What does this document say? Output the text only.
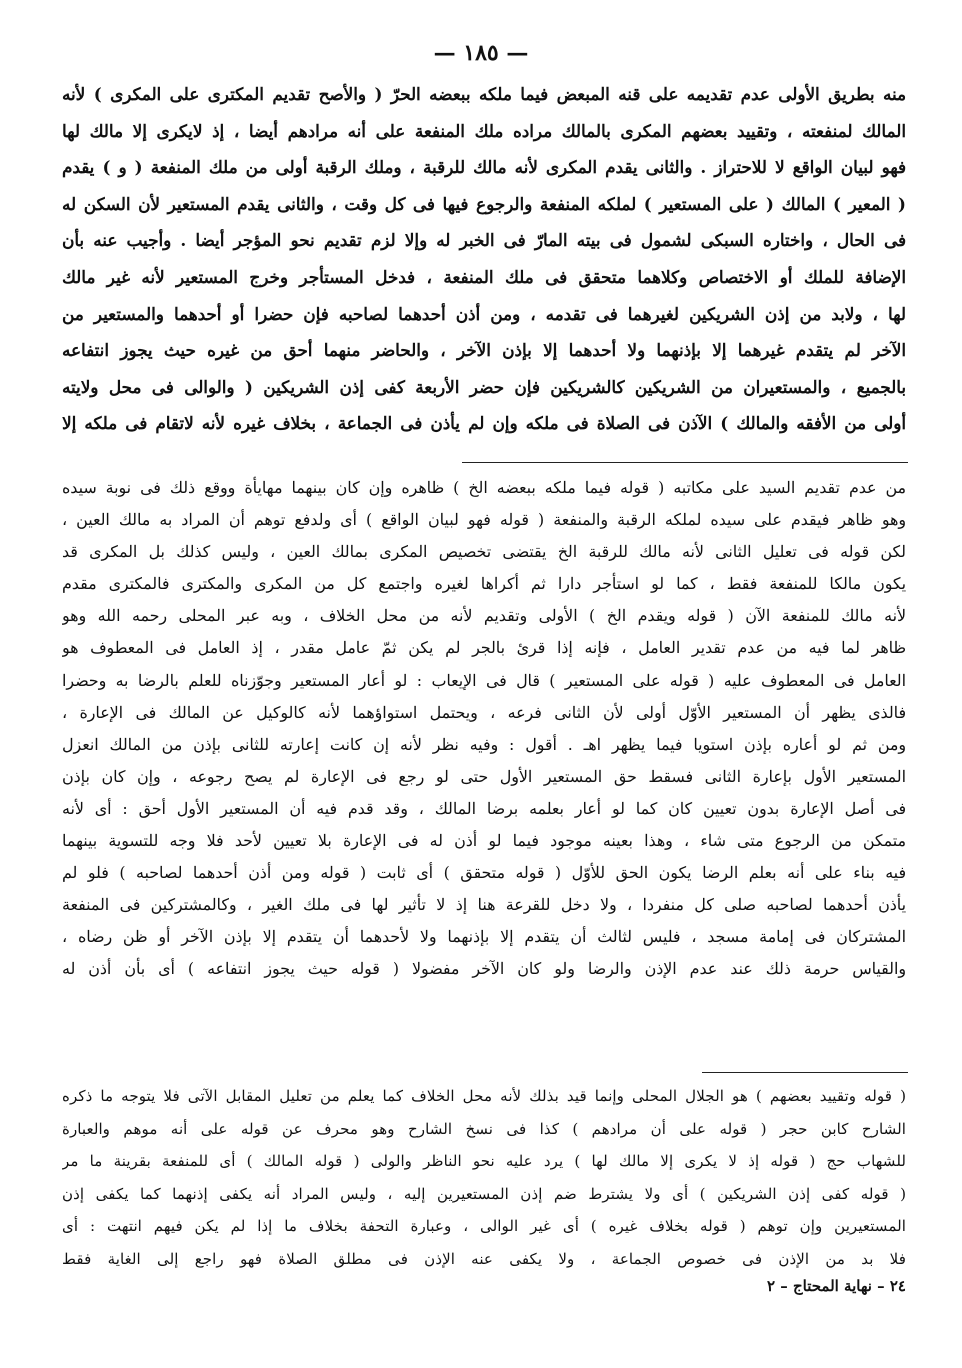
— ١٨٥ —
منه بطريق الأولى عدم تقديمه على قنه المبعض فيما ملكه ببعضه الحرّ ( والأصح تقديم المكترى على المكرى ) لأنه
المالك لمنفعته ، وتقييد بعضهم المكرى بالمالك مراده ملك المنفعة على أنه مرادهم أيضا ، إذ لايكرى إلا مالك لها
فهو لبيان الواقع لا للاحتراز . والثانى يقدم المكرى لأنه مالك للرقبة ، وملك الرقبة أولى من ملك المنفعة ( و ) يقدم
( المعير ) المالك ( على المستعير ) لملكه المنفعة والرجوع فيها فى كل وقت ، والثانى يقدم المستعير لأن السكن له
فى الحال ، واختاره السبكى لشمول فى بيته المارّ فى الخبر له وإلا لزم تقديم نحو المؤجر أيضا . وأجيب عنه بأن
الإضافة للملك أو الاختصاص وكلاهما متحقق فى ملك المنفعة ، فدخل المستأجر وخرج المستعير لأنه غير مالك
لها ، ولابد من إذن الشريكين لغيرهما فى تقدمه ، ومن أذن أحدهما لصاحبه فإن حضرا أو أحدهما والمستعير من
الآخر لم يتقدم غيرهما إلا بإذنهما ولا أحدهما إلا بإذن الآخر ، والحاضر منهما أحق من غيره حيث يجوز انتفاعه
بالجميع ، والمستعيران من الشريكين كالشريكين فإن حضر الأربعة كفى إذن الشريكين ( والوالى فى محل ولايته
أولى من الأفقه والمالك ) الآذن فى الصلاة فى ملكه وإن لم يأذن فى الجماعة ، بخلاف غيره لأنه لاتقام فى ملكه إلا
من عدم تقديم السيد على مكاتبه ( قوله فيما ملكه ببعضه الخ ) ظاهره وإن كان بينهما مهايأة ووقع ذلك فى نوبة سيده
وهو ظاهر فيقدم على سيده لملكه الرقبة والمنفعة ( قوله فهو لبيان الواقع ) أى ولدفع توهم أن المراد به مالك العين ،
لكن قوله فى تعليل الثانى لأنه مالك للرقبة الخ يقتضى تخصيص المكرى بمالك العين ، وليس كذلك بل المكرى قد
يكون مالكا للمنفعة فقط ، كما لو استأجر دارا ثم أكراها لغيره واجتمع كل من المكرى والمكترى فالمكترى مقدم
لأنه مالك للمنفعة الآن ( قوله ويقدم الخ ) الأولى وتقديم لأنه من محل الخلاف ، وبه عبر المحلى رحمه الله وهو
ظاهر لما فيه من عدم تقدير العامل ، فإنه إذا قرئ بالجر لم يكن ثمّ عامل مقدر ، إذ العامل فى المعطوف هو
العامل فى المعطوف عليه ( قوله على المستعير ) قال فى الإيعاب : لو أعار المستعير وجوّزناه للعلم بالرضا به وحضرا
فالذى يظهر أن المستعير الأوّل أولى لأن الثانى فرعه ، ويحتمل استواؤهما لأنه كالوكيل عن المالك فى الإعارة ،
ومن ثم لو أعاره بإذن استويا فيما يظهر اهـ . أقول : وفيه نظر لأنه إن كانت إعارته للثانى بإذن من المالك انعزل
المستعير الأول بإعارة الثانى فسقط حق المستعير الأول حتى لو رجع فى الإعارة لم يصح رجوعه ، وإن كان بإذن
فى أصل الإعارة بدون تعيين كان كما لو أعار بعلمه برضا المالك ، وقد قدم فيه أن المستعير الأول أحق : أى لأنه
متمكن من الرجوع متى شاء ، وهذا بعينه موجود فيما لو أذن له فى الإعارة بلا تعيين لأحد فلا وجه للتسوية بينهما
فيه بناء على أنه بعلم الرضا يكون الحق للأوّل ( قوله متحقق ) أى ثابت ( قوله ومن أذن أحدهما لصاحبه ) فلو لم
يأذن أحدهما لصاحبه صلى كل منفردا ، ولا دخل للقرعة هنا إذ لا تأثير لها فى ملك الغير ، وكالمشتركين فى المنفعة
المشتركان فى إمامة مسجد ، فليس لثالث أن يتقدم إلا بإذنهما ولا لأحدهما أن يتقدم إلا بإذن الآخر أو ظن رضاه ،
والقياس حرمة ذلك عند عدم الإذن والرضا ولو كان الآخر مفضولا ( قوله حيث يجوز انتفاعه ) أى بأن أذن له
( قوله وتقييد بعضهم ) هو الجلال المحلى وإنما قيد بذلك لأنه محل الخلاف كما يعلم من تعليل المقابل الآتى فلا يتوجه ما ذكره
الشارح كابن حجر ( قوله على أن مرادهم ) كذا فى نسخ الشارح وهو محرف عن قوله على أنه موهم والعبارة
للشهاب حج ( قوله إذ لا يكرى إلا مالك لها ) يرد عليه نحو الناظر والولى ( قوله المالك ) أى للمنفعة بقرينة ما مر
( قوله كفى إذن الشريكين ) أى ولا يشترط ضم إذن المستعيرين إليه ، وليس المراد أنه يكفى إذنهما كما يكفى إذن
المستعيرين وإن توهم ( قوله بخلاف غيره ) أى غير الوالى ، وعبارة التحفة بخلاف ما إذا لم يكن فيهم انتهت : أى
فلا بد من الإذن فى خصوص الجماعة ، ولا يكفى عنه الإذن فى مطلق الصلاة فهو راجع إلى الغاية فقط
٢٤ – نهاية المحتاج – ٢
